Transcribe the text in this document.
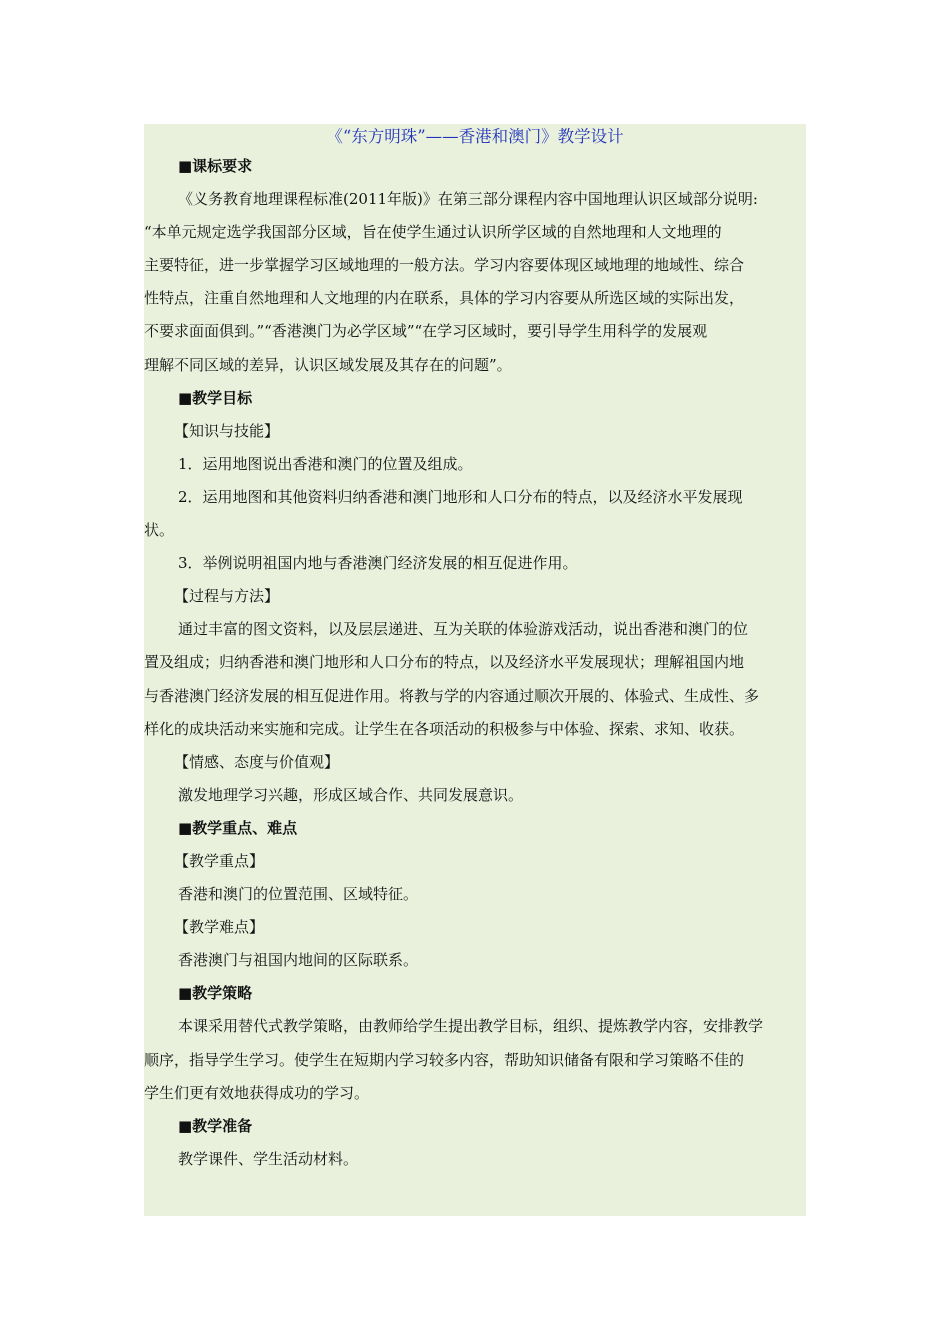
《“东方明珠”——香港和澳门》教学设计

■课标要求

《义务教育地理课程标准(2011年版)》在第三部分课程内容中国地理认识区域部分说明:

“本单元规定选学我国部分区域，旨在使学生通过认识所学区域的自然地理和人文地理的

主要特征，进一步掌握学习区域地理的一般方法。学习内容要体现区域地理的地域性、综合

性特点，注重自然地理和人文地理的内在联系，具体的学习内容要从所选区域的实际出发，

不要求面面俱到。”“香港澳门为必学区域”“在学习区域时，要引导学生用科学的发展观

理解不同区域的差异，认识区域发展及其存在的问题”。

■教学目标

【知识与技能】

1．运用地图说出香港和澳门的位置及组成。

2．运用地图和其他资料归纳香港和澳门地形和人口分布的特点，以及经济水平发展现

状。

3．举例说明祖国内地与香港澳门经济发展的相互促进作用。

【过程与方法】

通过丰富的图文资料，以及层层递进、互为关联的体验游戏活动，说出香港和澳门的位

置及组成；归纳香港和澳门地形和人口分布的特点，以及经济水平发展现状；理解祖国内地

与香港澳门经济发展的相互促进作用。将教与学的内容通过顺次开展的、体验式、生成性、多

样化的成块活动来实施和完成。让学生在各项活动的积极参与中体验、探索、求知、收获。

【情感、态度与价值观】

激发地理学习兴趣，形成区域合作、共同发展意识。

■教学重点、难点

【教学重点】

香港和澳门的位置范围、区域特征。

【教学难点】

香港澳门与祖国内地间的区际联系。

■教学策略

本课采用替代式教学策略，由教师给学生提出教学目标，组织、提炼教学内容，安排教学

顺序，指导学生学习。使学生在短期内学习较多内容，帮助知识储备有限和学习策略不佳的

学生们更有效地获得成功的学习。

■教学准备

教学课件、学生活动材料。
